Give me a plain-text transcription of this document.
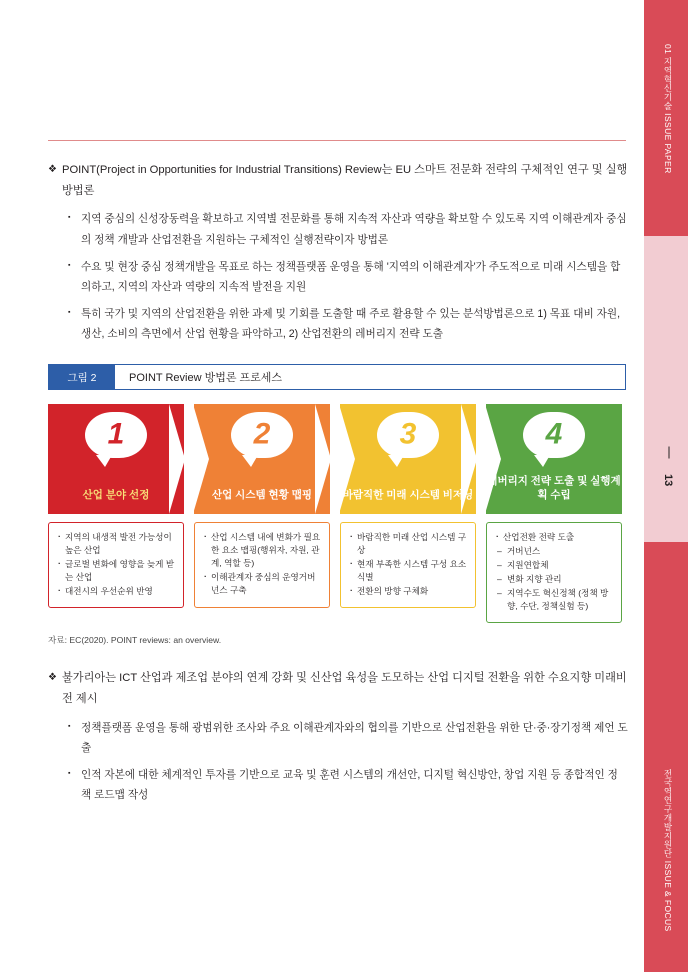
❖ POINT(Project in Opportunities for Industrial Transitions) Review는 EU 스마트 전문화 전략의 구체적인 연구 및 실행 방법론
▪ 지역 중심의 신성장동력을 확보하고 지역별 전문화를 통해 지속적 자산과 역량을 확보할 수 있도록 지역 이해관계자 중심의 정책 개발과 산업전환을 지원하는 구체적인 실행전략이자 방법론
▪ 수요 및 현장 중심 정책개발을 목표로 하는 정책플랫폼 운영을 통해 '지역의 이해관계자'가 주도적으로 미래 시스템을 합의하고, 지역의 자산과 역량의 지속적 발전을 지원
▪ 특히 국가 및 지역의 산업전환을 위한 과제 및 기회를 도출할 때 주로 활용할 수 있는 분석방법론으로 1) 목표 대비 자원, 생산, 소비의 측면에서 산업 현황을 파악하고, 2) 산업전환의 레버리지 전략 도출
그림 2	POINT Review 방법론 프로세스
1
산업 분야 선정
· 지역의 내생적 발전 가능성이 높은 산업
· 글로벌 변화에 영향을 늦게 받는 산업
· 대전시의 우선순위 반영
2
산업 시스템 현황 맵핑
· 산업 시스템 내에 변화가 필요한 요소 맵핑(행위자, 자원, 관계, 역할 등)
· 이해관계자 중심의 운영거버넌스 구축
3
바람직한 미래 시스템 비저닝
· 바람직한 미래 산업 시스템 구상
· 현재 부족한 시스템 구성 요소 식별
· 전환의 방향 구체화
4
레버리지 전략 도출 및 실행계획 수립
· 산업전환 전략 도출
– 거버넌스
– 지원연합체
– 변화 지향 관리
– 지역수도 혁신정책 (정책 방향, 수단, 정책실험 등)
자료: EC(2020). POINT reviews: an overview.
❖ 불가리아는 ICT 산업과 제조업 분야의 연계 강화 및 신산업 육성을 도모하는 산업 디지털 전환을 위한 수요지향 미래비전 제시
▪ 정책플랫폼 운영을 통해 광범위한 조사와 주요 이해관계자와의 협의를 기반으로 산업전환을 위한 단·중·장기정책 제언 도출
▪ 인적 자본에 대한 체계적인 투자를 기반으로 교육 및 훈련 시스템의 개선안, 디지털 혁신방안, 창업 지원 등 종합적인 정책 로드맵 작성
01 지역혁신기술 ISSUE PAPER
전국역연구개발지원단 ISSUE & FOCUS
13
